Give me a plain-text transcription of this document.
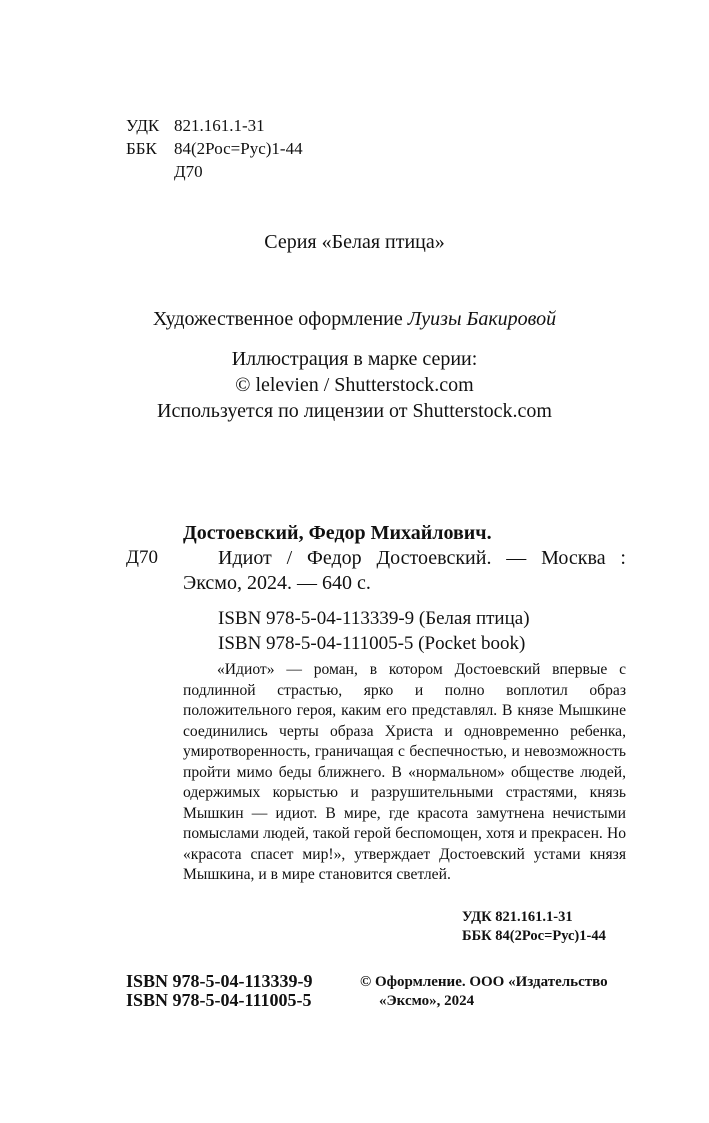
УДК 821.161.1-31
ББК 84(2Рос=Рус)1-44
Д70
Серия «Белая птица»
Художественное оформление Луизы Бакировой
Иллюстрация в марке серии:
© lelevien / Shutterstock.com
Используется по лицензии от Shutterstock.com
Д70
Достоевский, Федор Михайлович.
Идиот / Федор Достоевский. — Москва :
Эксмо, 2024. — 640 с.
ISBN 978-5-04-113339-9 (Белая птица)
ISBN 978-5-04-111005-5 (Pocket book)
«Идиот» — роман, в котором Достоевский впервые с подлинной страстью, ярко и полно воплотил образ положительного героя, каким его представлял. В князе Мышкине соединились черты образа Христа и одновременно ребенка, умиротворенность, граничащая с беспечностью, и невозможность пройти мимо беды ближнего. В «нормальном» обществе людей, одержимых корыстью и разрушительными страстями, князь Мышкин — идиот. В мире, где красота замутнена нечистыми помыслами людей, такой герой беспомощен, хотя и прекрасен. Но «красота спасет мир!», утверждает Достоевский устами князя Мышкина, и в мире становится светлей.
УДК 821.161.1-31
ББК 84(2Рос=Рус)1-44
ISBN 978-5-04-113339-9
ISBN 978-5-04-111005-5
© Оформление. ООО «Издательство
«Эксмо», 2024
